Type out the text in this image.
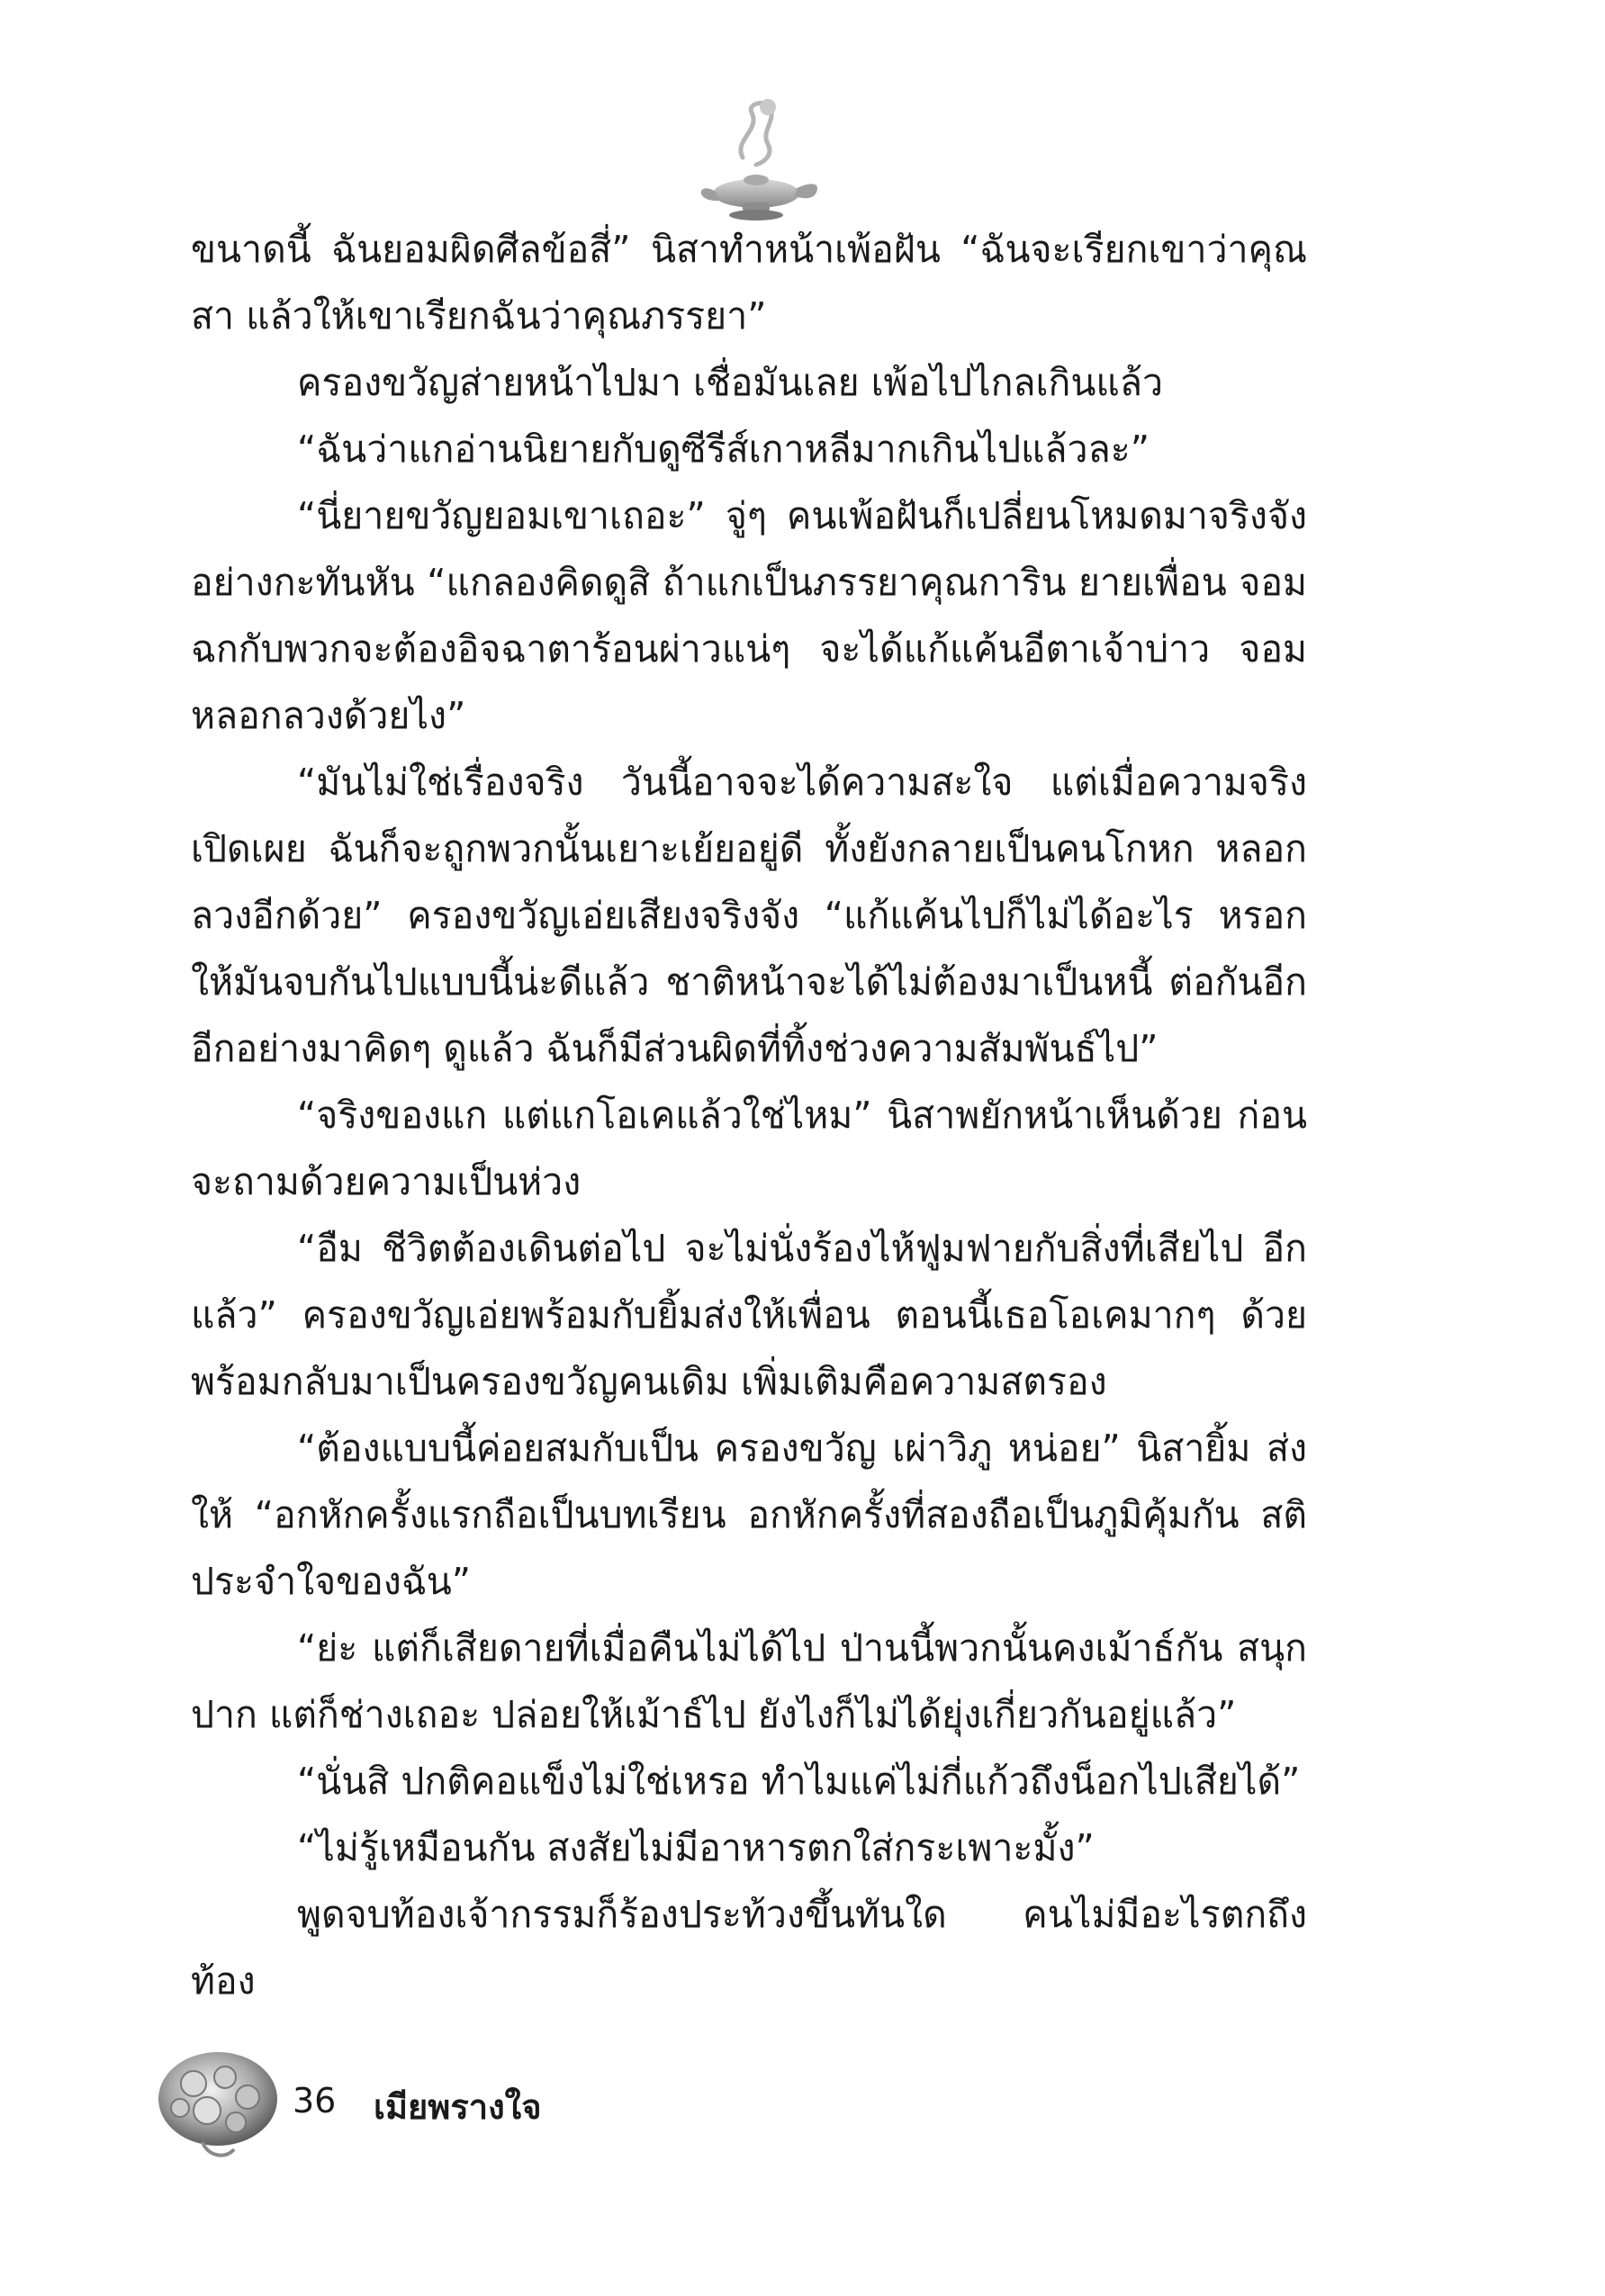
ขนาดนี้ ฉันยอมผิดศีลข้อสี่” นิสาทำหน้าเพ้อฝัน “ฉันจะเรียกเขาว่าคุณสา แล้วให้เขาเรียกฉันว่าคุณภรรยา”

ครองขวัญส่ายหน้าไปมา เชื่อมันเลย เพ้อไปไกลเกินแล้ว

“ฉันว่าแกอ่านนิยายกับดูซีรีส์เกาหลีมากเกินไปแล้วละ”

“นี่ยายขวัญยอมเขาเถอะ” จู่ๆ คนเพ้อฝันก็เปลี่ยนโหมดมาจริงจัง อย่างกะทันหัน “แกลองคิดดูสิ ถ้าแกเป็นภรรยาคุณการิน ยายเพื่อน จอมฉกกับพวกจะต้องอิจฉาตาร้อนผ่าวแน่ๆ จะได้แก้แค้นอีตาเจ้าบ่าว จอมหลอกลวงด้วยไง”

“มันไม่ใช่เรื่องจริง วันนี้อาจจะได้ความสะใจ แต่เมื่อความจริง เปิดเผย ฉันก็จะถูกพวกนั้นเยาะเย้ยอยู่ดี ทั้งยังกลายเป็นคนโกหก หลอกลวงอีกด้วย” ครองขวัญเอ่ยเสียงจริงจัง “แก้แค้นไปก็ไม่ได้อะไร หรอก ให้มันจบกันไปแบบนี้น่ะดีแล้ว ชาติหน้าจะได้ไม่ต้องมาเป็นหนี้ ต่อกันอีก อีกอย่างมาคิดๆ ดูแล้ว ฉันก็มีส่วนผิดที่ทิ้งช่วงความสัมพันธ์ไป”

“จริงของแก แต่แกโอเคแล้วใช่ไหม” นิสาพยักหน้าเห็นด้วย ก่อนจะถามด้วยความเป็นห่วง

“อืม ชีวิตต้องเดินต่อไป จะไม่นั่งร้องไห้ฟูมฟายกับสิ่งที่เสียไป อีกแล้ว” ครองขวัญเอ่ยพร้อมกับยิ้มส่งให้เพื่อน ตอนนี้เธอโอเคมากๆ ด้วย พร้อมกลับมาเป็นครองขวัญคนเดิม เพิ่มเติมคือความสตรอง

“ต้องแบบนี้ค่อยสมกับเป็น ครองขวัญ เผ่าวิภู หน่อย” นิสายิ้ม ส่งให้ “อกหักครั้งแรกถือเป็นบทเรียน อกหักครั้งที่สองถือเป็นภูมิคุ้มกัน สติประจำใจของฉัน”

“ย่ะ แต่ก็เสียดายที่เมื่อคืนไม่ได้ไป ป่านนี้พวกนั้นคงเม้าธ์กัน สนุกปาก แต่ก็ช่างเถอะ ปล่อยให้เม้าธ์ไป ยังไงก็ไม่ได้ยุ่งเกี่ยวกันอยู่แล้ว”

“นั่นสิ ปกติคอแข็งไม่ใช่เหรอ ทำไมแค่ไม่กี่แก้วถึงน็อกไปเสียได้”

“ไม่รู้เหมือนกัน สงสัยไม่มีอาหารตกใส่กระเพาะมั้ง”

พูดจบท้องเจ้ากรรมก็ร้องประท้วงขึ้นทันใด คนไม่มีอะไรตกถึงท้อง

36 เมียพรางใจ
